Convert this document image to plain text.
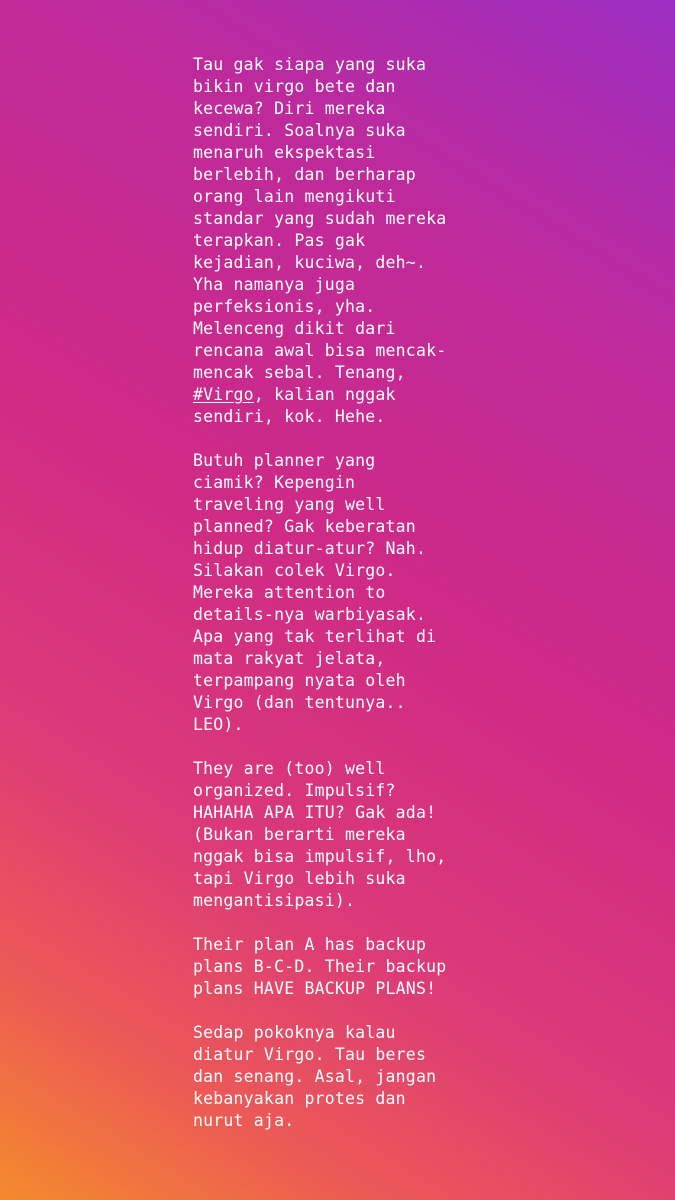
Tau gak siapa yang suka
bikin virgo bete dan
kecewa? Diri mereka
sendiri. Soalnya suka
menaruh ekspektasi
berlebih, dan berharap
orang lain mengikuti
standar yang sudah mereka
terapkan. Pas gak
kejadian, kuciwa, deh~.
Yha namanya juga
perfeksionis, yha.
Melenceng dikit dari
rencana awal bisa mencak-
mencak sebal. Tenang,
#Virgo, kalian nggak
sendiri, kok. Hehe.
Butuh planner yang
ciamik? Kepengin
traveling yang well
planned? Gak keberatan
hidup diatur-atur? Nah.
Silakan colek Virgo.
Mereka attention to
details-nya warbiyasak.
Apa yang tak terlihat di
mata rakyat jelata,
terpampang nyata oleh
Virgo (dan tentunya..
LEO).
They are (too) well
organized. Impulsif?
HAHAHA APA ITU? Gak ada!
(Bukan berarti mereka
nggak bisa impulsif, lho,
tapi Virgo lebih suka
mengantisipasi).
Their plan A has backup
plans B-C-D. Their backup
plans HAVE BACKUP PLANS!
Sedap pokoknya kalau
diatur Virgo. Tau beres
dan senang. Asal, jangan
kebanyakan protes dan
nurut aja.
